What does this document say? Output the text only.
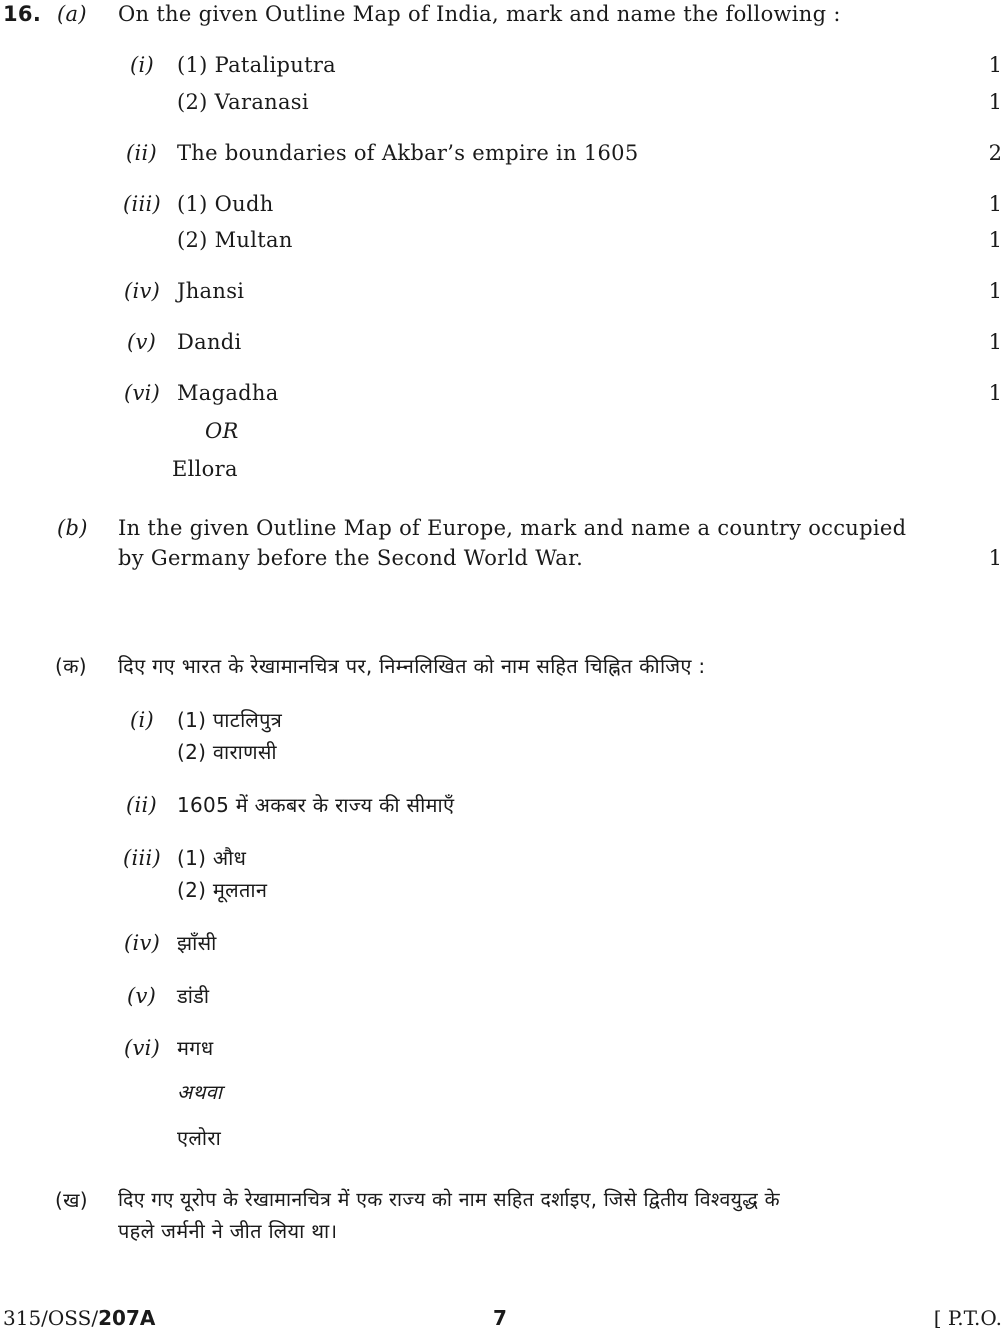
16. (a) On the given Outline Map of India, mark and name the following :
(i) (1) Pataliputra	1
(2) Varanasi	1
(ii) The boundaries of Akbar’s empire in 1605	2
(iii) (1) Oudh	1
(2) Multan	1
(iv) Jhansi	1
(v) Dandi	1
(vi) Magadha	1
OR
Ellora
(b) In the given Outline Map of Europe, mark and name a country occupied
by Germany before the Second World War.	1
(क) दिए गए भारत के रेखामानचित्र पर, निम्नलिखित को नाम सहित चिह्नित कीजिए :
(i) (1) पाटलिपुत्र
(2) वाराणसी
(ii) 1605 में अकबर के राज्य की सीमाएँ
(iii) (1) औध
(2) मूलतान
(iv) झाँसी
(v) डांडी
(vi) मगध
अथवा
एलोरा
(ख) दिए गए यूरोप के रेखामानचित्र में एक राज्य को नाम सहित दर्शाइए, जिसे द्वितीय विश्वयुद्ध के
पहले जर्मनी ने जीत लिया था।
315/OSS/207A	7	[ P.T.O.
